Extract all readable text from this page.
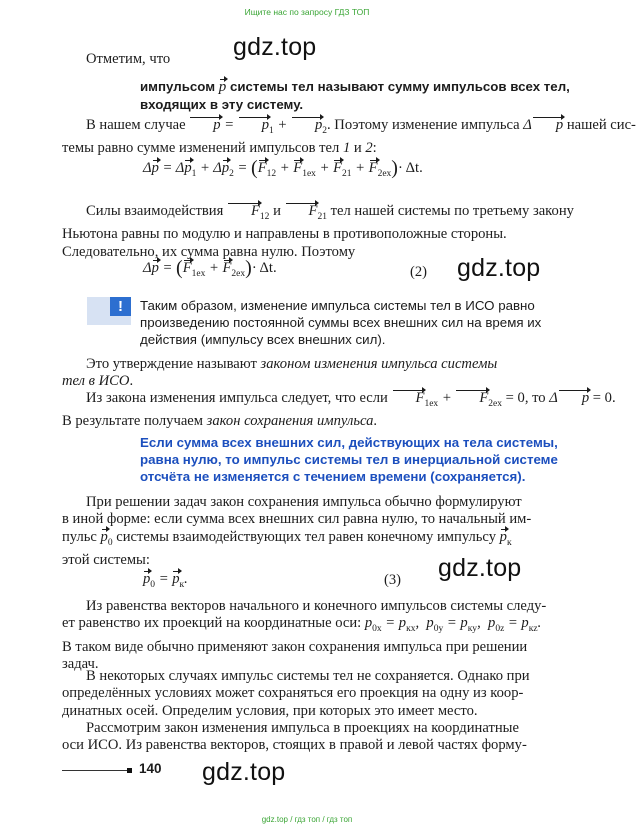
Ищите нас по запросу ГДЗ ТОП
gdz.top
gdz.top
gdz.top
gdz.top
Отметим, что
импульсом p системы тел называют сумму импульсов всех тел,
входящих в эту систему.
В нашем случае $p = p_1 + p_2$. Поэтому изменение импульса Δ p нашей сис-
темы равно сумме изменений импульсов тел 1 и 2:
$\Delta p = \Delta p_1 + \Delta p_2 = (F_{12} + F_{1ex} + F_{21} + F_{2ex})\cdot \Delta t$.
Силы взаимодействия $F_{12}$ и $F_{21}$ тел нашей системы по третьему закону
Ньютона равны по модулю и направлены в противоположные стороны.
Следовательно, их сумма равна нулю. Поэтому
$\Delta p = (F_{1ex} + F_{2ex})\cdot \Delta t$.	(2)
!	Таким образом, изменение импульса системы тел в ИСО равно
произведению постоянной суммы всех внешних сил на время их
действия (импульсу всех внешних сил).
Это утверждение называют законом изменения импульса системы
тел в ИСО.
Из закона изменения импульса следует, что если $F_{1ex} + F_{2ex} = 0$, то Δ p = 0.
В результате получаем закон сохранения импульса.
Если сумма всех внешних сил, действующих на тела системы,
равна нулю, то импульс системы тел в инерциальной системе
отсчёта не изменяется с течением времени (сохраняется).
При решении задач закон сохранения импульса обычно формулируют
в иной форме: если сумма всех внешних сил равна нулю, то начальный им-
пульс $p_0$ системы взаимодействующих тел равен конечному импульсу $p_к$
этой системы:
$p_0 = p_к$.	(3)
Из равенства векторов начального и конечного импульсов системы следу-
ет равенство их проекций на координатные оси: $p_{0x} = p_{кx}$,  $p_{0y} = p_{кy}$,  $p_{0z} = p_{кz}$.
В таком виде обычно применяют закон сохранения импульса при решении
задач.
В некоторых случаях импульс системы тел не сохраняется. Однако при
определённых условиях может сохраняться его проекция на одну из коор-
динатных осей. Определим условия, при которых это имеет место.
Рассмотрим закон изменения импульса в проекциях на координатные
оси ИСО. Из равенства векторов, стоящих в правой и левой частях форму-
140
gdz.top / гдз топ / гдз топ
